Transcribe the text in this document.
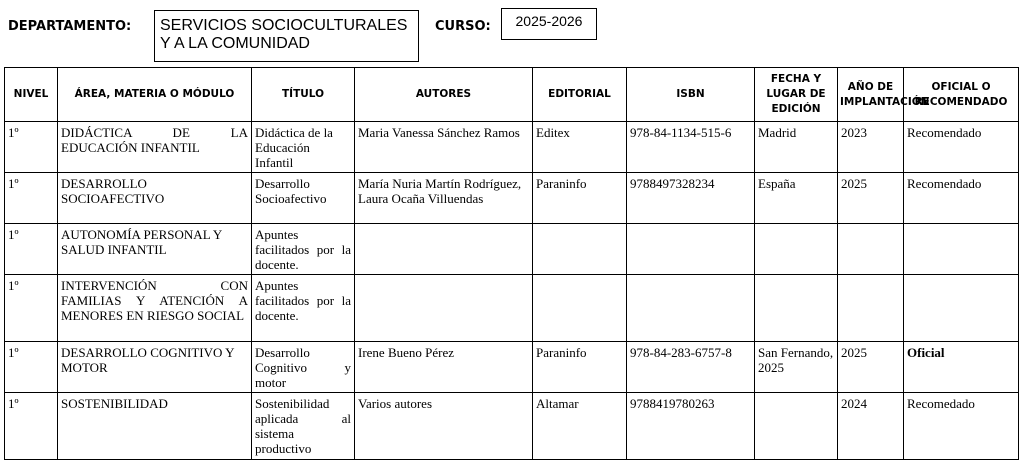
DEPARTAMENTO:	SERVICIOS SOCIOCULTURALES Y A LA COMUNIDAD
CURSO:	2025-2026
NIVEL	ÁREA, MATERIA O MÓDULO	TÍTULO	AUTORES	EDITORIAL	ISBN	FECHA Y LUGAR DE EDICIÓN	AÑO DE IMPLANTACIÓN	OFICIAL O RECOMENDADO
1º	DIDÁCTICA DE LA EDUCACIÓN INFANTIL	Didáctica de la Educación Infantil	Maria Vanessa Sánchez Ramos	Editex	978-84-1134-515-6	Madrid	2023	Recomendado
1º	DESARROLLO SOCIOAFECTIVO	Desarrollo Socioafectivo	María Nuria Martín Rodríguez, Laura Ocaña Villuendas	Paraninfo	9788497328234	España	2025	Recomendado
1º	AUTONOMÍA PERSONAL Y SALUD INFANTIL	Apuntes facilitados por la docente.						
1º	INTERVENCIÓN CON FAMILIAS Y ATENCIÓN A MENORES EN RIESGO SOCIAL	Apuntes facilitados por la docente.						
1º	DESARROLLO COGNITIVO Y MOTOR	Desarrollo Cognitivo y motor	Irene Bueno Pérez	Paraninfo	978-84-283-6757-8	San Fernando, 2025	2025	Oficial
1º	SOSTENIBILIDAD	Sostenibilidad aplicada al sistema productivo	Varios autores	Altamar	9788419780263		2024	Recomedado
